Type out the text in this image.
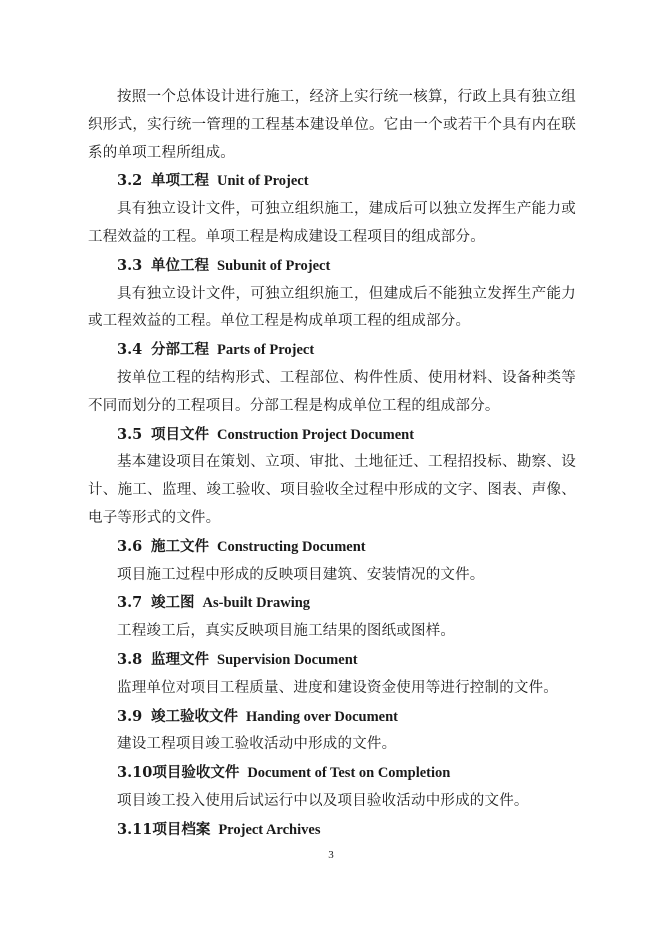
按照一个总体设计进行施工，经济上实行统一核算，行政上具有独立组织形式，实行统一管理的工程基本建设单位。它由一个或若干个具有内在联系的单项工程所组成。

3.2 单项工程 Unit of Project

具有独立设计文件，可独立组织施工，建成后可以独立发挥生产能力或工程效益的工程。单项工程是构成建设工程项目的组成部分。

3.3 单位工程 Subunit of Project

具有独立设计文件，可独立组织施工，但建成后不能独立发挥生产能力或工程效益的工程。单位工程是构成单项工程的组成部分。

3.4 分部工程 Parts of Project

按单位工程的结构形式、工程部位、构件性质、使用材料、设备种类等不同而划分的工程项目。分部工程是构成单位工程的组成部分。

3.5 项目文件 Construction Project Document

基本建设项目在策划、立项、审批、土地征迁、工程招投标、勘察、设计、施工、监理、竣工验收、项目验收全过程中形成的文字、图表、声像、电子等形式的文件。

3.6 施工文件 Constructing Document

项目施工过程中形成的反映项目建筑、安装情况的文件。

3.7 竣工图 As-built Drawing

工程竣工后，真实反映项目施工结果的图纸或图样。

3.8 监理文件 Supervision Document

监理单位对项目工程质量、进度和建设资金使用等进行控制的文件。

3.9 竣工验收文件 Handing over Document

建设工程项目竣工验收活动中形成的文件。

3.10项目验收文件 Document of Test on Completion

项目竣工投入使用后试运行中以及项目验收活动中形成的文件。

3.11项目档案 Project Archives

3
